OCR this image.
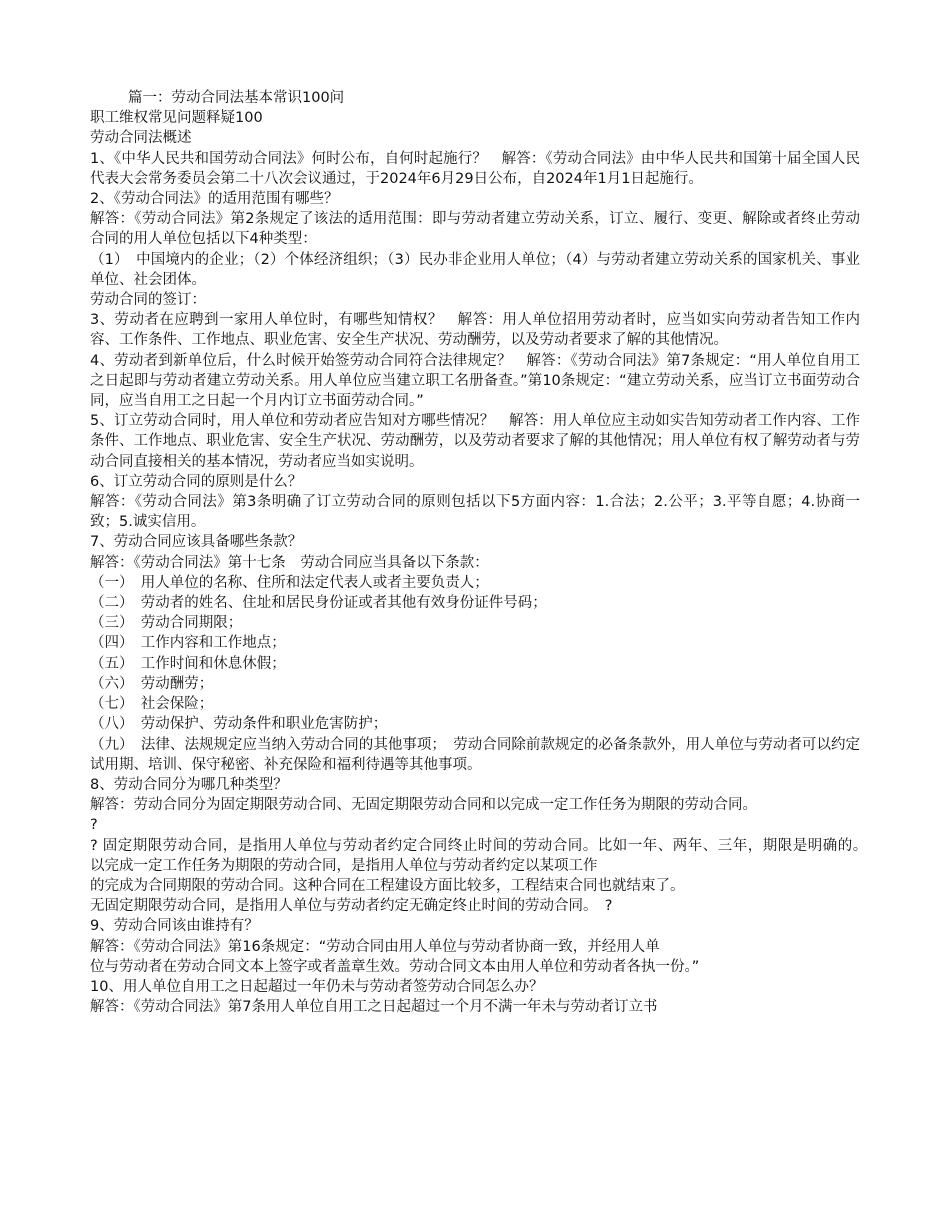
篇一：劳动合同法基本常识100问
职工维权常见问题释疑100
劳动合同法概述
1、《中华人民共和国劳动合同法》何时公布，自何时起施行？　解答：《劳动合同法》由中华人民共和国第十届全国人民代表大会常务委员会第二十八次会议通过，于2024年6月29日公布，自2024年1月1日起施行。
2、《劳动合同法》的适用范围有哪些？
解答：《劳动合同法》第2条规定了该法的适用范围：即与劳动者建立劳动关系，订立、履行、变更、解除或者终止劳动合同的用人单位包括以下4种类型：
（1）　中国境内的企业；（2）个体经济组织；（3）民办非企业用人单位；（4）与劳动者建立劳动关系的国家机关、事业单位、社会团体。
劳动合同的签订：
3、劳动者在应聘到一家用人单位时，有哪些知情权？　解答：用人单位招用劳动者时，应当如实向劳动者告知工作内容、工作条件、工作地点、职业危害、安全生产状况、劳动酬劳，以及劳动者要求了解的其他情况。
4、劳动者到新单位后，什么时候开始签劳动合同符合法律规定？　解答：《劳动合同法》第7条规定：“用人单位自用工之日起即与劳动者建立劳动关系。用人单位应当建立职工名册备查。”第10条规定：“建立劳动关系，应当订立书面劳动合同，应当自用工之日起一个月内订立书面劳动合同。”
5、订立劳动合同时，用人单位和劳动者应告知对方哪些情况？　解答：用人单位应主动如实告知劳动者工作内容、工作条件、工作地点、职业危害、安全生产状况、劳动酬劳，以及劳动者要求了解的其他情况；用人单位有权了解劳动者与劳动合同直接相关的基本情况，劳动者应当如实说明。
6、订立劳动合同的原则是什么？
解答：《劳动合同法》第3条明确了订立劳动合同的原则包括以下5方面内容：1.合法；2.公平；3.平等自愿；4.协商一致；5.诚实信用。
7、劳动合同应该具备哪些条款？
解答：《劳动合同法》第十七条　劳动合同应当具备以下条款：
（一）　用人单位的名称、住所和法定代表人或者主要负责人；
（二）　劳动者的姓名、住址和居民身份证或者其他有效身份证件号码；
（三）　劳动合同期限；
（四）　工作内容和工作地点；
（五）　工作时间和休息休假；
（六）　劳动酬劳；
（七）　社会保险；
（八）　劳动保护、劳动条件和职业危害防护；
（九）　法律、法规规定应当纳入劳动合同的其他事项；　劳动合同除前款规定的必备条款外，用人单位与劳动者可以约定试用期、培训、保守秘密、补充保险和福利待遇等其他事项。
8、劳动合同分为哪几种类型？
解答：劳动合同分为固定期限劳动合同、无固定期限劳动合同和以完成一定工作任务为期限的劳动合同。
?
? 固定期限劳动合同，是指用人单位与劳动者约定合同终止时间的劳动合同。比如一年、两年、三年，期限是明确的。　以完成一定工作任务为期限的劳动合同，是指用人单位与劳动者约定以某项工作
的完成为合同期限的劳动合同。这种合同在工程建设方面比较多，工程结束合同也就结束了。
无固定期限劳动合同，是指用人单位与劳动者约定无确定终止时间的劳动合同。　?
9、劳动合同该由谁持有？
解答：《劳动合同法》第16条规定：“劳动合同由用人单位与劳动者协商一致，并经用人单
位与劳动者在劳动合同文本上签字或者盖章生效。劳动合同文本由用人单位和劳动者各执一份。”
10、用人单位自用工之日起超过一年仍未与劳动者签劳动合同怎么办？
解答：《劳动合同法》第7条用人单位自用工之日起超过一个月不满一年未与劳动者订立书
